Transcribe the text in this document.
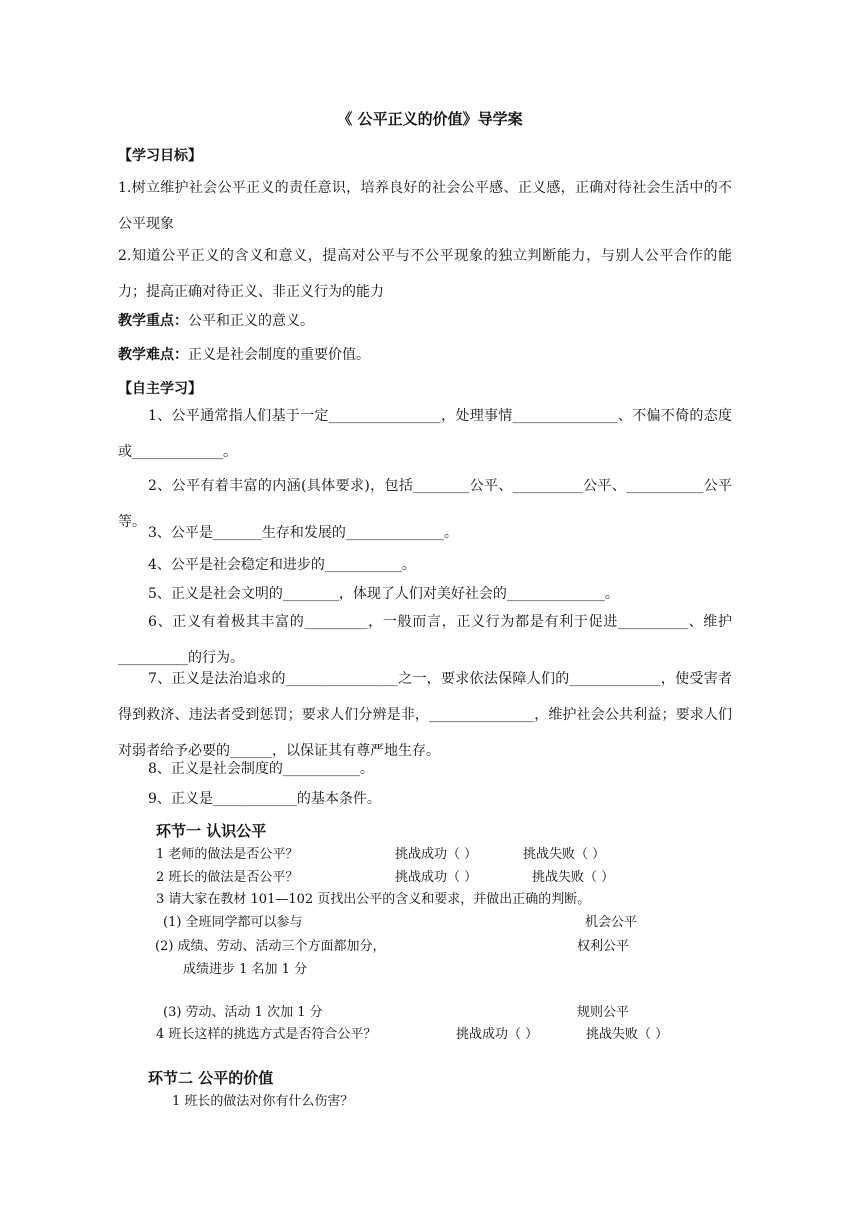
《 公平正义的价值》导学案
【学习目标】
1.树立维护社会公平正义的责任意识，培养良好的社会公平感、正义感，正确对待社会生活中的不公平现象
2.知道公平正义的含义和意义，提高对公平与不公平现象的独立判断能力，与别人公平合作的能力；提高正确对待正义、非正义行为的能力
教学重点：公平和正义的意义。
教学难点：正义是社会制度的重要价值。
【自主学习】
1、公平通常指人们基于一定________________，处理事情_______________、不偏不倚的态度或_____________。
2、公平有着丰富的内涵(具体要求)，包括________公平、__________公平、___________公平等。
3、公平是_______生存和发展的______________。
4、公平是社会稳定和进步的___________。
5、正义是社会文明的________，体现了人们对美好社会的______________。
6、正义有着极其丰富的_________，一般而言，正义行为都是有利于促进__________、维护__________的行为。
7、正义是法治追求的________________之一，要求依法保障人们的_____________，使受害者得到救济、违法者受到惩罚；要求人们分辨是非，_______________，维护社会公共利益；要求人们对弱者给予必要的______，以保证其有尊严地生存。
8、正义是社会制度的___________。
9、正义是____________的基本条件。
环节一 认识公平
1 老师的做法是否公平？	挑战成功（ ）	挑战失败（ ）
2 班长的做法是否公平？	挑战成功（ ）	挑战失败（ ）
3 请大家在教材 101—102 页找出公平的含义和要求，并做出正确的判断。
(1) 全班同学都可以参与	机会公平
(2) 成绩、劳动、活动三个方面都加分，	权利公平
成绩进步 1 名加 1 分
(3) 劳动、活动 1 次加 1 分	规则公平
4 班长这样的挑选方式是否符合公平？	挑战成功（ ）	挑战失败（ ）
环节二 公平的价值
1 班长的做法对你有什么伤害？
